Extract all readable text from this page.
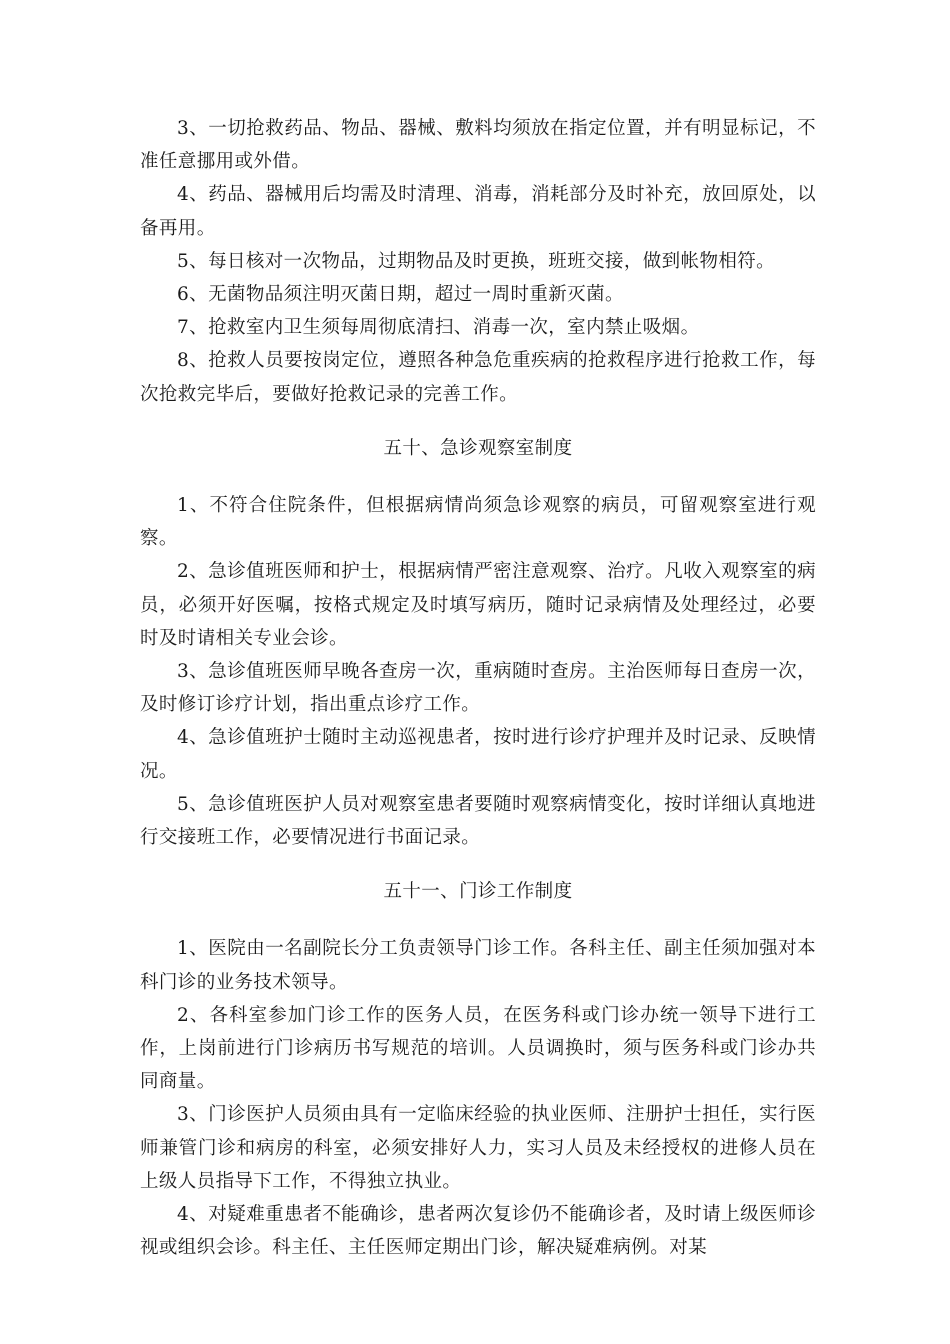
3、一切抢救药品、物品、器械、敷料均须放在指定位置，并有明显标记，不准任意挪用或外借。

4、药品、器械用后均需及时清理、消毒，消耗部分及时补充，放回原处，以备再用。

5、每日核对一次物品，过期物品及时更换，班班交接，做到帐物相符。

6、无菌物品须注明灭菌日期，超过一周时重新灭菌。

7、抢救室内卫生须每周彻底清扫、消毒一次，室内禁止吸烟。

8、抢救人员要按岗定位，遵照各种急危重疾病的抢救程序进行抢救工作，每次抢救完毕后，要做好抢救记录的完善工作。

五十、急诊观察室制度

1、不符合住院条件，但根据病情尚须急诊观察的病员，可留观察室进行观察。

2、急诊值班医师和护士，根据病情严密注意观察、治疗。凡收入观察室的病员，必须开好医嘱，按格式规定及时填写病历，随时记录病情及处理经过，必要时及时请相关专业会诊。

3、急诊值班医师早晚各查房一次，重病随时查房。主治医师每日查房一次，及时修订诊疗计划，指出重点诊疗工作。

4、急诊值班护士随时主动巡视患者，按时进行诊疗护理并及时记录、反映情况。

5、急诊值班医护人员对观察室患者要随时观察病情变化，按时详细认真地进行交接班工作，必要情况进行书面记录。

五十一、门诊工作制度

1、医院由一名副院长分工负责领导门诊工作。各科主任、副主任须加强对本科门诊的业务技术领导。

2、各科室参加门诊工作的医务人员，在医务科或门诊办统一领导下进行工作，上岗前进行门诊病历书写规范的培训。人员调换时，须与医务科或门诊办共同商量。

3、门诊医护人员须由具有一定临床经验的执业医师、注册护士担任，实行医师兼管门诊和病房的科室，必须安排好人力，实习人员及未经授权的进修人员在上级人员指导下工作，不得独立执业。

4、对疑难重患者不能确诊，患者两次复诊仍不能确诊者，及时请上级医师诊视或组织会诊。科主任、主任医师定期出门诊，解决疑难病例。对某
